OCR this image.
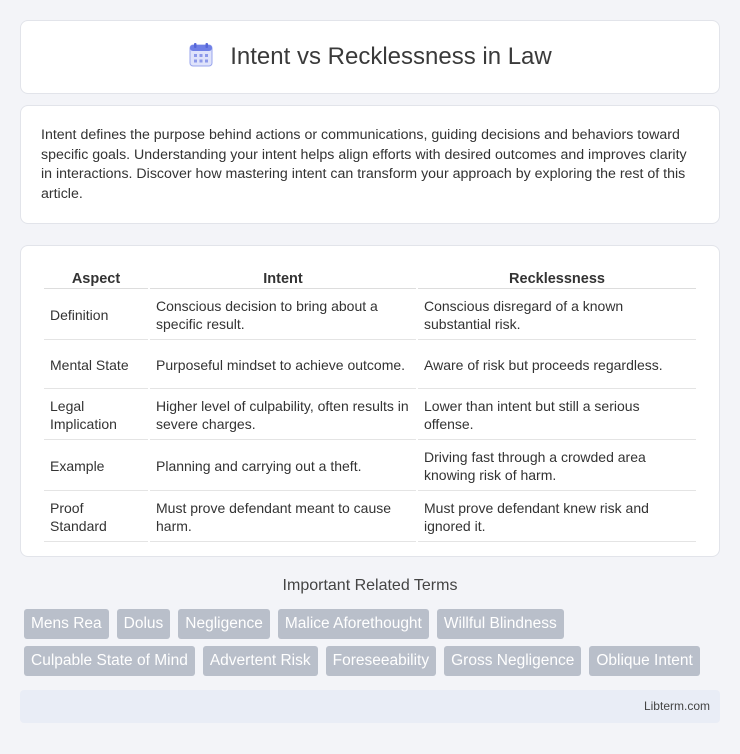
Intent vs Recklessness in Law

Intent defines the purpose behind actions or communications, guiding decisions and behaviors toward specific goals. Understanding your intent helps align efforts with desired outcomes and improves clarity in interactions. Discover how mastering intent can transform your approach by exploring the rest of this article.

Aspect	Intent	Recklessness
Definition	Conscious decision to bring about a specific result.	Conscious disregard of a known substantial risk.
Mental State	Purposeful mindset to achieve outcome.	Aware of risk but proceeds regardless.
Legal Implication	Higher level of culpability, often results in severe charges.	Lower than intent but still a serious offense.
Example	Planning and carrying out a theft.	Driving fast through a crowded area knowing risk of harm.
Proof Standard	Must prove defendant meant to cause harm.	Must prove defendant knew risk and ignored it.
Important Related Terms
Mens Rea	Dolus	Negligence	Malice Aforethought	Willful Blindness
Culpable State of Mind	Advertent Risk	Foreseeability	Gross Negligence	Oblique Intent
Libterm.com
